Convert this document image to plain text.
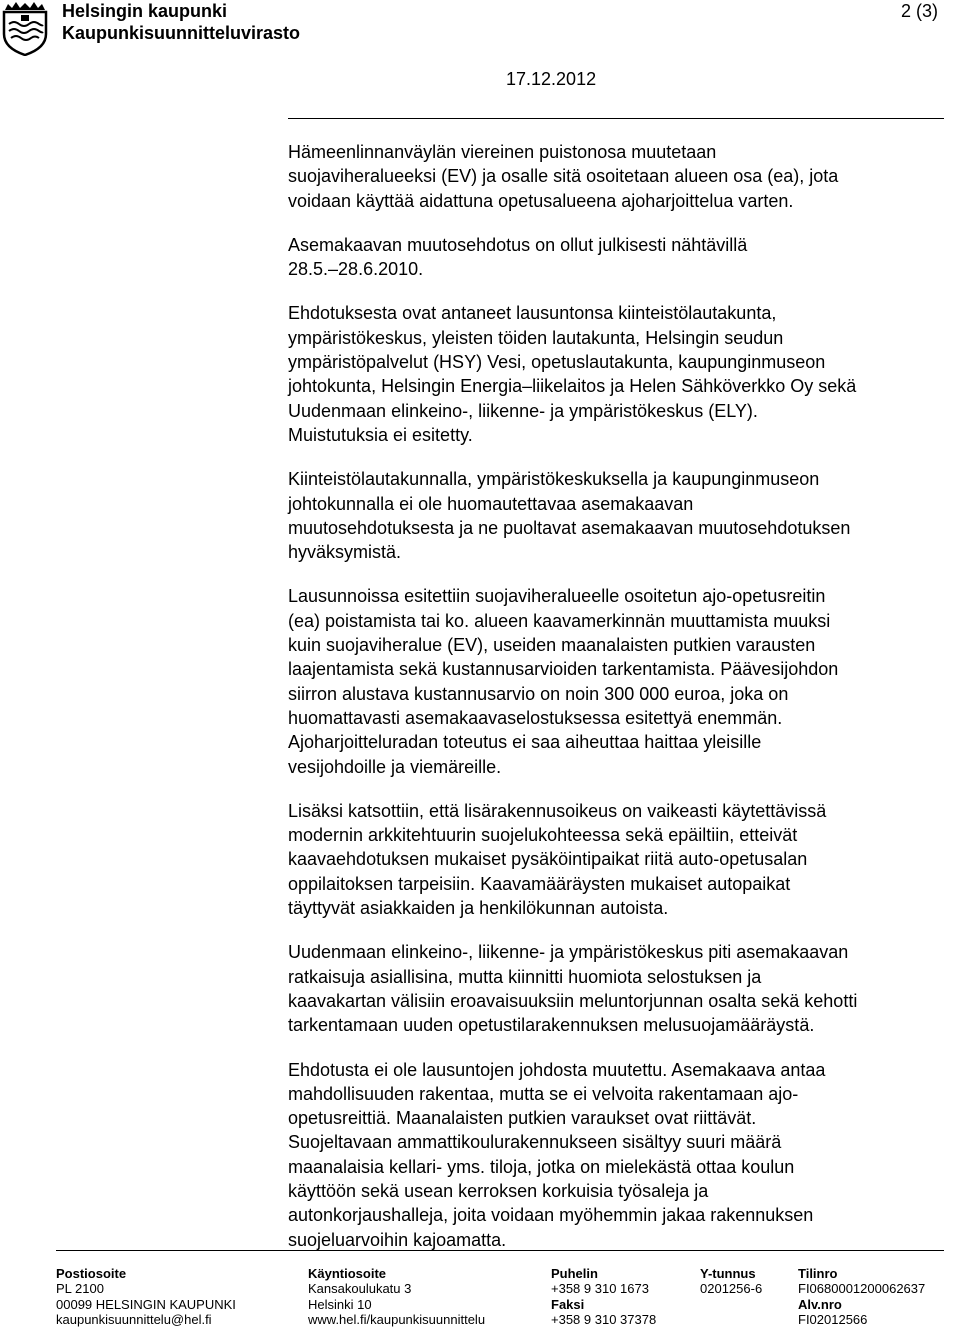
Helsingin kaupunki
Kaupunkisuunnitteluvirasto
2 (3)
17.12.2012

Hämeenlinnanväylän viereinen puistonosa muutetaan
suojaviheralueeksi (EV) ja osalle sitä osoitetaan alueen osa (ea), jota
voidaan käyttää aidattuna opetusalueena ajoharjoittelua varten.

Asemakaavan muutosehdotus on ollut julkisesti nähtävillä
28.5.–28.6.2010.

Ehdotuksesta ovat antaneet lausuntonsa kiinteistölautakunta,
ympäristökeskus, yleisten töiden lautakunta, Helsingin seudun
ympäristöpalvelut (HSY) Vesi, opetuslautakunta, kaupunginmuseon
johtokunta, Helsingin Energia–liikelaitos ja Helen Sähköverkko Oy sekä
Uudenmaan elinkeino-, liikenne- ja ympäristökeskus (ELY).
Muistutuksia ei esitetty.

Kiinteistölautakunnalla, ympäristökeskuksella ja kaupunginmuseon
johtokunnalla ei ole huomautettavaa asemakaavan
muutosehdotuksesta ja ne puoltavat asemakaavan muutosehdotuksen
hyväksymistä.

Lausunnoissa esitettiin suojaviheralueelle osoitetun ajo-opetusreitin
(ea) poistamista tai ko. alueen kaavamerkinnän muuttamista muuksi
kuin suojaviheralue (EV), useiden maanalaisten putkien varausten
laajentamista sekä kustannusarvioiden tarkentamista. Päävesijohdon
siirron alustava kustannusarvio on noin 300 000 euroa, joka on
huomattavasti asemakaavaselostuksessa esitettyä enemmän.
Ajoharjoitteluradan toteutus ei saa aiheuttaa haittaa yleisille
vesijohdoille ja viemäreille.

Lisäksi katsottiin, että lisärakennusoikeus on vaikeasti käytettävissä
modernin arkkitehtuurin suojelukohteessa sekä epäiltiin, etteivät
kaavaehdotuksen mukaiset pysäköintipaikat riitä auto-opetusalan
oppilaitoksen tarpeisiin. Kaavamääräysten mukaiset autopaikat
täyttyvät asiakkaiden ja henkilökunnan autoista.

Uudenmaan elinkeino-, liikenne- ja ympäristökeskus piti asemakaavan
ratkaisuja asiallisina, mutta kiinnitti huomiota selostuksen ja
kaavakartan välisiin eroavaisuuksiin meluntorjunnan osalta sekä kehotti
tarkentamaan uuden opetustilarakennuksen melusuojamääräystä.

Ehdotusta ei ole lausuntojen johdosta muutettu. Asemakaava antaa
mahdollisuuden rakentaa, mutta se ei velvoita rakentamaan ajo-
opetusreittiä. Maanalaisten putkien varaukset ovat riittävät.
Suojeltavaan ammattikoulurakennukseen sisältyy suuri määrä
maanalaisia kellari- yms. tiloja, jotka on mielekästä ottaa koulun
käyttöön sekä usean kerroksen korkuisia työsaleja ja
autonkorjaushalleja, joita voidaan myöhemmin jakaa rakennuksen
suojeluarvoihin kajoamatta.

Postiosoite
PL 2100
00099 HELSINGIN KAUPUNKI
kaupunkisuunnittelu@hel.fi
Käyntiosoite
Kansakoulukatu 3
Helsinki 10
www.hel.fi/kaupunkisuunnittelu
Puhelin
+358 9 310 1673
Faksi
+358 9 310 37378
Y-tunnus
0201256-6
Tilinro
FI0680001200062637
Alv.nro
FI02012566
